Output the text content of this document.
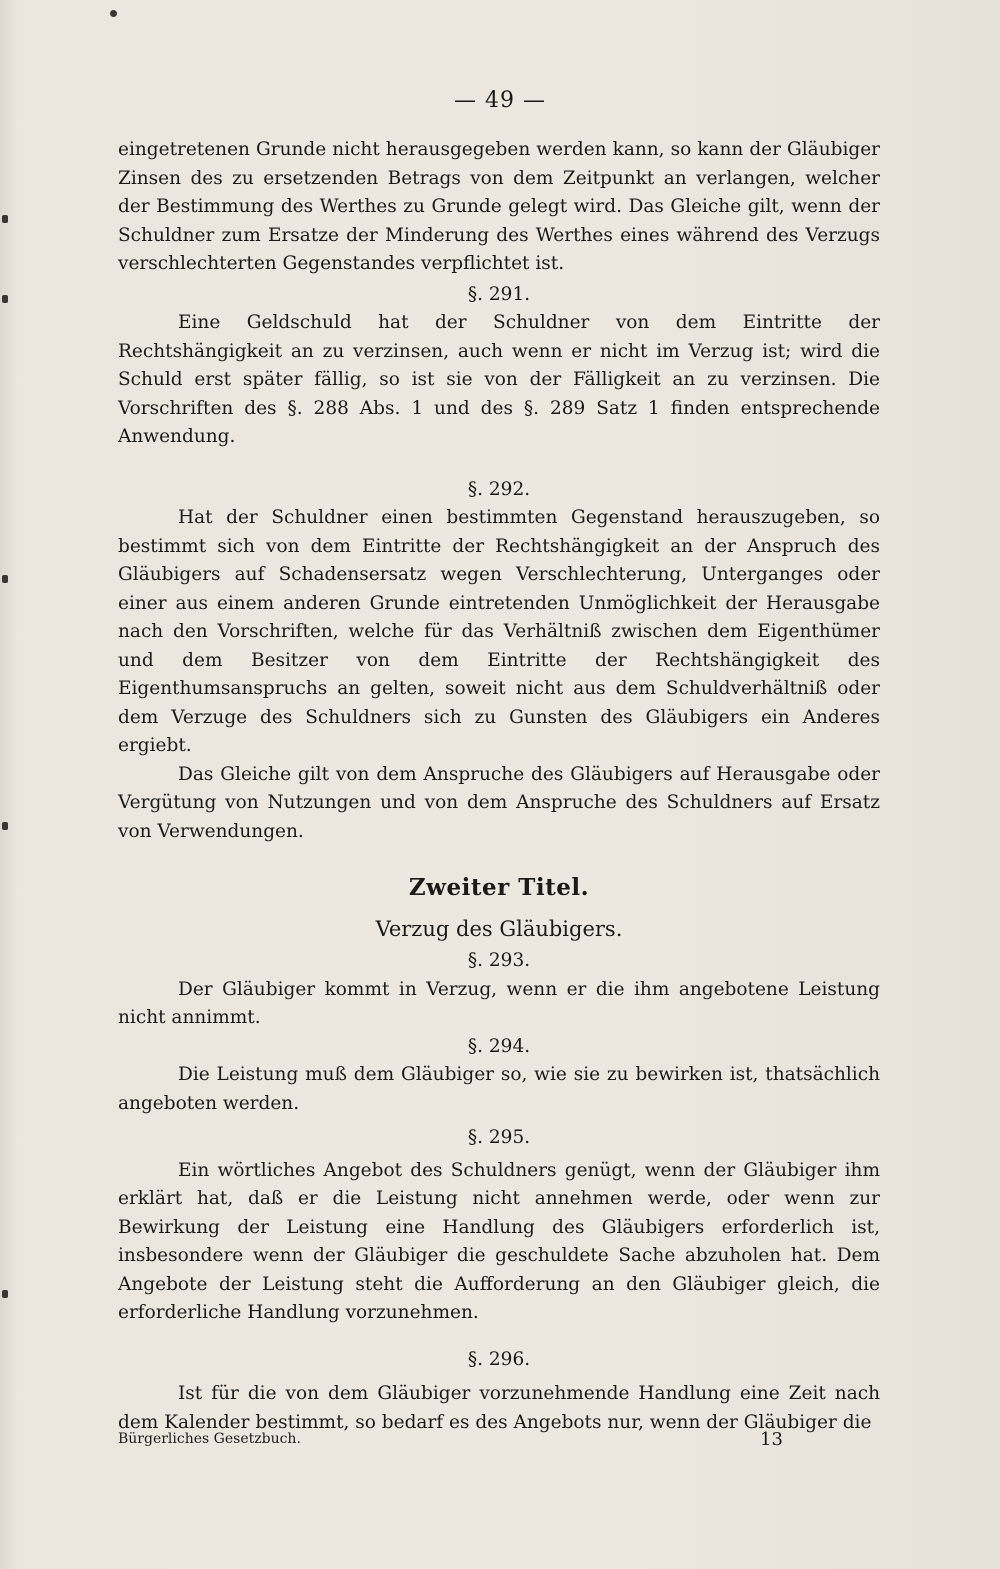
— 49 —

eingetretenen Grunde nicht herausgegeben werden kann, so kann der Gläubiger Zinsen des zu ersetzenden Betrags von dem Zeitpunkt an verlangen, welcher der Bestimmung des Werthes zu Grunde gelegt wird. Das Gleiche gilt, wenn der Schuldner zum Ersatze der Minderung des Werthes eines während des Verzugs verschlechterten Gegenstandes verpflichtet ist.

§. 291.

Eine Geldschuld hat der Schuldner von dem Eintritte der Rechtshängigkeit an zu verzinsen, auch wenn er nicht im Verzug ist; wird die Schuld erst später fällig, so ist sie von der Fälligkeit an zu verzinsen. Die Vorschriften des §. 288 Abs. 1 und des §. 289 Satz 1 finden entsprechende Anwendung.

§. 292.

Hat der Schuldner einen bestimmten Gegenstand herauszugeben, so bestimmt sich von dem Eintritte der Rechtshängigkeit an der Anspruch des Gläubigers auf Schadensersatz wegen Verschlechterung, Unterganges oder einer aus einem anderen Grunde eintretenden Unmöglichkeit der Herausgabe nach den Vorschriften, welche für das Verhältniß zwischen dem Eigenthümer und dem Besitzer von dem Eintritte der Rechtshängigkeit des Eigenthumsanspruchs an gelten, soweit nicht aus dem Schuldverhältniß oder dem Verzuge des Schuldners sich zu Gunsten des Gläubigers ein Anderes ergiebt.

Das Gleiche gilt von dem Anspruche des Gläubigers auf Herausgabe oder Vergütung von Nutzungen und von dem Anspruche des Schuldners auf Ersatz von Verwendungen.

Zweiter Titel.

Verzug des Gläubigers.

§. 293.

Der Gläubiger kommt in Verzug, wenn er die ihm angebotene Leistung nicht annimmt.

§. 294.

Die Leistung muß dem Gläubiger so, wie sie zu bewirken ist, thatsächlich angeboten werden.

§. 295.

Ein wörtliches Angebot des Schuldners genügt, wenn der Gläubiger ihm erklärt hat, daß er die Leistung nicht annehmen werde, oder wenn zur Bewirkung der Leistung eine Handlung des Gläubigers erforderlich ist, insbesondere wenn der Gläubiger die geschuldete Sache abzuholen hat. Dem Angebote der Leistung steht die Aufforderung an den Gläubiger gleich, die erforderliche Handlung vorzunehmen.

§. 296.

Ist für die von dem Gläubiger vorzunehmende Handlung eine Zeit nach dem Kalender bestimmt, so bedarf es des Angebots nur, wenn der Gläubiger die

Bürgerliches Gesetzbuch.	13
